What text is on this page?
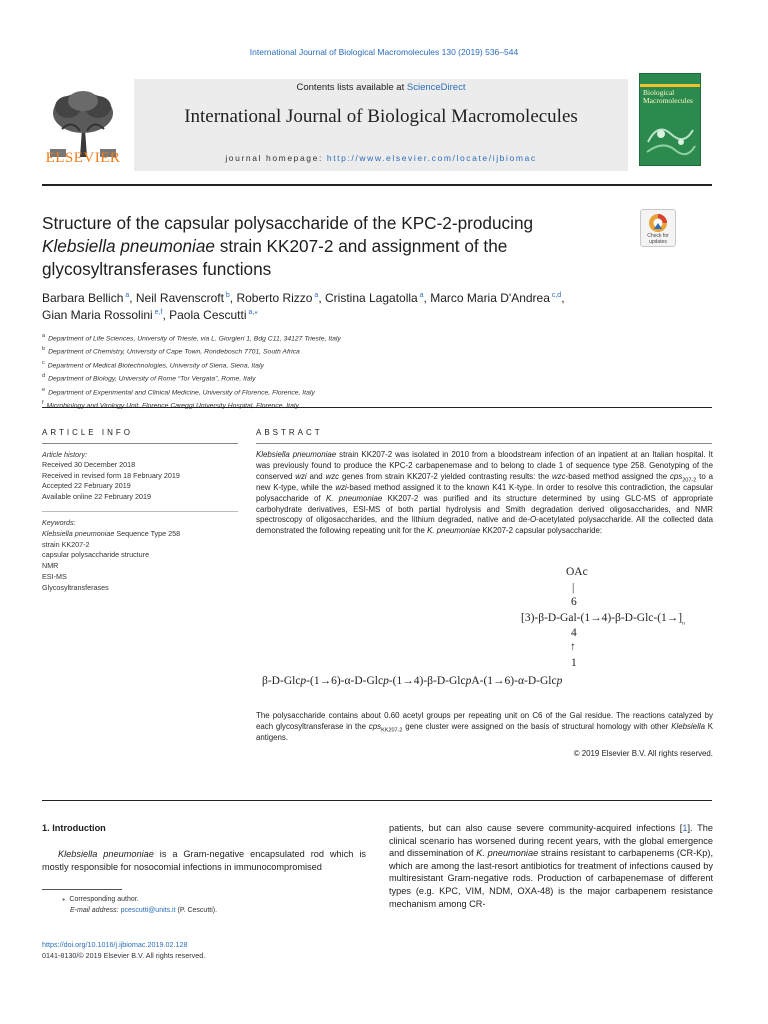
International Journal of Biological Macromolecules 130 (2019) 536–544
ELSEVIER
Contents lists available at ScienceDirect
International Journal of Biological Macromolecules
journal homepage: http://www.elsevier.com/locate/ijbiomac
Biological Macromolecules
Structure of the capsular polysaccharide of the KPC-2-producing
Klebsiella pneumoniae strain KK207-2 and assignment of the
glycosyltransferases functions
Check for updates
Barbara Bellich $^a$, Neil Ravenscroft $^b$, Roberto Rizzo $^a$, Cristina Lagatolla $^a$, Marco Maria D'Andrea $^{c,d}$,
Gian Maria Rossolini $^{e,f}$, Paola Cescutti $^{a,⁎}$
$^a$ Department of Life Sciences, University of Trieste, via L. Giorgieri 1, Bdg C11, 34127 Trieste, Italy
$^b$ Department of Chemistry, University of Cape Town, Rondebosch 7701, South Africa
$^c$ Department of Medical Biotechnologies, University of Siena, Siena, Italy
$^d$ Department of Biology, University of Rome “Tor Vergata”, Rome, Italy
$^e$ Department of Experimental and Clinical Medicine, University of Florence, Florence, Italy
$^f$
ARTICLE INFO	ABSTRACT
Article history:
Received 30 December 2018
Received in revised form 18 February 2019
Accepted 22 February 2019
Available online 22 February 2019
Keywords:
Klebsiella pneumoniae Sequence Type 258
strain KK207-2
capsular polysaccharide structure
NMR
ESI-MS
Glycosyltransferases
Klebsiella pneumoniae strain KK207-2 was isolated in 2010 from a bloodstream infection of an inpatient at an Italian hospital. It was previously found to produce the KPC-2 carbapenemase and to belong to clade 1 of sequence type 258. Genotyping of the conserved wzi and wzc genes from strain KK207-2 yielded contrasting results: the wzc-based method assigned the cps$_{207-2}$ to a new K-type, while the wzi-based method assigned it to the known K41 K-type. In order to resolve this contradiction, the capsular polysaccharide of K. pneumoniae KK207-2 was purified and its structure determined by using GLC-MS of appropriate carbohydrate derivatives, ESI-MS of both partial hydrolysis and Smith degradation derived oligosaccharides, and NMR spectroscopy of oligosaccharides, and the lithium degraded, native and de-O-acetylated polysaccharide. All the collected data demonstrated the following repeating unit for the K. pneumoniae KK207-2 capsular polysaccharide:
OAc
|
6
$[3)-\beta-D-Gal-(1\to 4)-\beta-D-Glc-(1\to]_n$
4
↑
1
β-D-Glcp-(1→6)-α-D-Glcp-(1→4)-β-D-GlcpA-(1→6)-α-D-Glcp
The polysaccharide contains about 0.60 acetyl groups per repeating unit on C6 of the Gal residue. The reactions catalyzed by each glycosyltransferase in the cps$_{KK207-2}$ gene cluster were assigned on the basis of structural homology with other Klebsiella K antigens.
© 2019 Elsevier B.V. All rights reserved.
1. Introduction
Klebsiella pneumoniae is a Gram-negative encapsulated rod which is mostly responsible for nosocomial infections in immunocompromised
patients, but can also cause severe community-acquired infections [1]. The clinical scenario has worsened during recent years, with the global emergence and dissemination of K. pneumoniae strains resistant to carbapenems (CR-Kp), which are among the last-resort antibiotics for treatment of infections caused by multiresistant Gram-negative rods. Production of carbapenemase of different types (e.g. KPC, VIM, NDM, OXA-48) is the major carbapenem resistance mechanism among CR-
⁎ Corresponding author.
E-mail address: pcescutti@units.it (P. Cescutti).
https://doi.org/10.1016/j.ijbiomac.2019.02.128
0141-8130/© 2019 Elsevier B.V. All rights reserved.
